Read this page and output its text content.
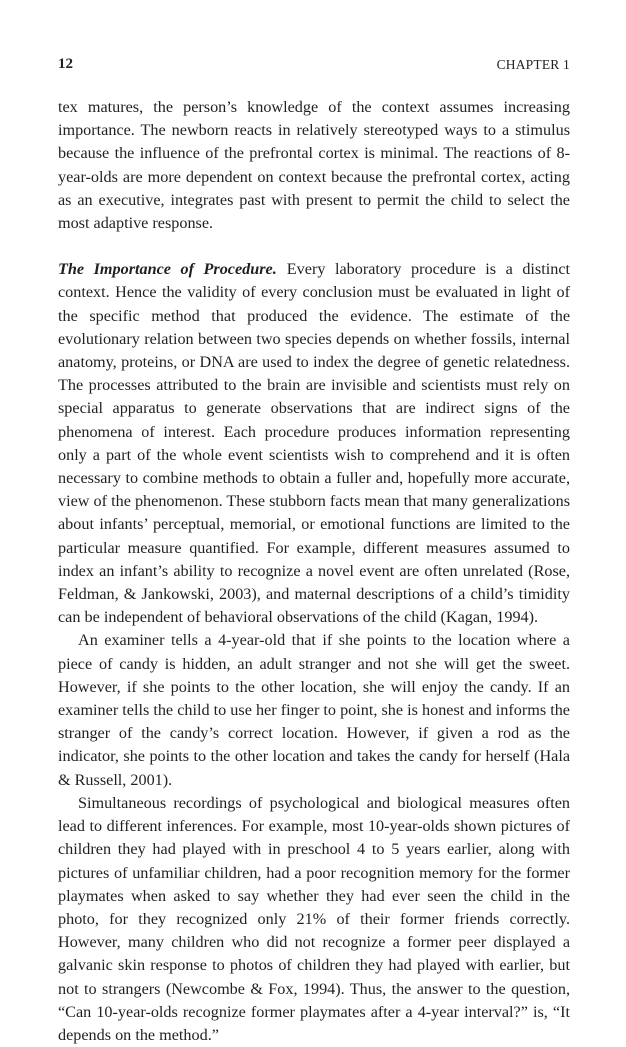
12	CHAPTER 1

tex matures, the person’s knowledge of the context assumes increasing importance. The newborn reacts in relatively stereotyped ways to a stimulus because the influence of the prefrontal cortex is minimal. The reactions of 8-year-olds are more dependent on context because the prefrontal cortex, acting as an executive, integrates past with present to permit the child to select the most adaptive response.

The Importance of Procedure. Every laboratory procedure is a distinct context. Hence the validity of every conclusion must be evaluated in light of the specific method that produced the evidence. The estimate of the evolutionary relation between two species depends on whether fossils, internal anatomy, proteins, or DNA are used to index the degree of genetic relatedness. The processes attributed to the brain are invisible and scientists must rely on special apparatus to generate observations that are indirect signs of the phenomena of interest. Each procedure produces information representing only a part of the whole event scientists wish to comprehend and it is often necessary to combine methods to obtain a fuller and, hopefully more accurate, view of the phenomenon. These stubborn facts mean that many generalizations about infants’ perceptual, memorial, or emotional functions are limited to the particular measure quantified. For example, different measures assumed to index an infant’s ability to recognize a novel event are often unrelated (Rose, Feldman, & Jankowski, 2003), and maternal descriptions of a child’s timidity can be independent of behavioral observations of the child (Kagan, 1994).

An examiner tells a 4-year-old that if she points to the location where a piece of candy is hidden, an adult stranger and not she will get the sweet. However, if she points to the other location, she will enjoy the candy. If an examiner tells the child to use her finger to point, she is honest and informs the stranger of the candy’s correct location. However, if given a rod as the indicator, she points to the other location and takes the candy for herself (Hala & Russell, 2001).

Simultaneous recordings of psychological and biological measures often lead to different inferences. For example, most 10-year-olds shown pictures of children they had played with in preschool 4 to 5 years earlier, along with pictures of unfamiliar children, had a poor recognition memory for the former playmates when asked to say whether they had ever seen the child in the photo, for they recognized only 21% of their former friends correctly. However, many children who did not recognize a former peer displayed a galvanic skin response to photos of children they had played with earlier, but not to strangers (Newcombe & Fox, 1994). Thus, the answer to the question, “Can 10-year-olds recognize former playmates after a 4-year interval?” is, “It depends on the method.”
